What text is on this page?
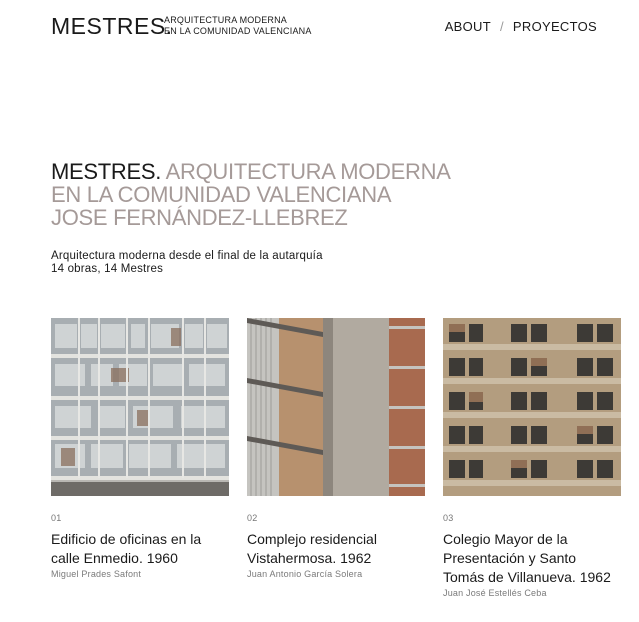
MESTRES.
ARQUITECTURA MODERNA
EN LA COMUNIDAD VALENCIANA	ABOUT / PROYECTOS
MESTRES. ARQUITECTURA MODERNA
EN LA COMUNIDAD VALENCIANA
JOSE FERNÁNDEZ-LLEBREZ
Arquitectura moderna desde el final de la autarquía
14 obras, 14 Mestres
01
Edificio de oficinas en la
calle Enmedio. 1960
Miguel Prades Safont
02
Complejo residencial
Vistahermosa. 1962
Juan Antonio García Solera
03
Colegio Mayor de la
Presentación y Santo
Tomás de Villanueva. 1962
Juan José Estellés Ceba
